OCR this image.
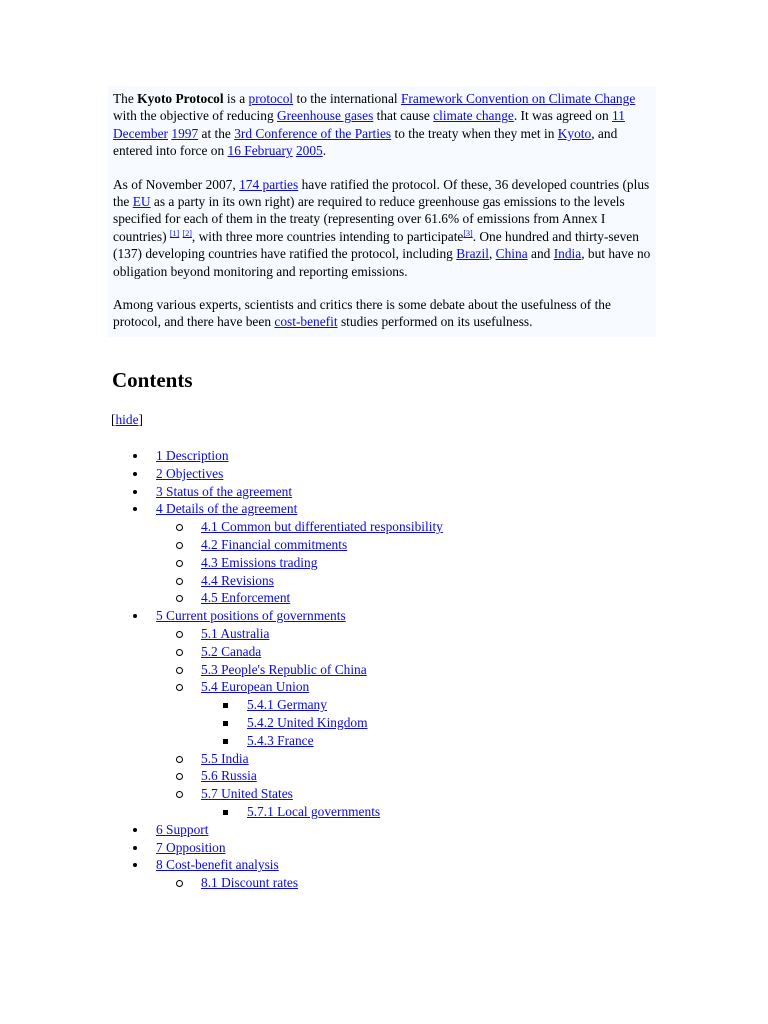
The Kyoto Protocol is a protocol to the international Framework Convention on Climate Change with the objective of reducing Greenhouse gases that cause climate change. It was agreed on 11 December 1997 at the 3rd Conference of the Parties to the treaty when they met in Kyoto, and entered into force on 16 February 2005.

As of November 2007, 174 parties have ratified the protocol. Of these, 36 developed countries (plus the EU as a party in its own right) are required to reduce greenhouse gas emissions to the levels specified for each of them in the treaty (representing over 61.6% of emissions from Annex I countries) [1] [2], with three more countries intending to participate[3]. One hundred and thirty-seven (137) developing countries have ratified the protocol, including Brazil, China and India, but have no obligation beyond monitoring and reporting emissions.

Among various experts, scientists and critics there is some debate about the usefulness of the protocol, and there have been cost-benefit studies performed on its usefulness.

Contents
[hide]
1 Description
2 Objectives
3 Status of the agreement
4 Details of the agreement
4.1 Common but differentiated responsibility
4.2 Financial commitments
4.3 Emissions trading
4.4 Revisions
4.5 Enforcement
5 Current positions of governments
5.1 Australia
5.2 Canada
5.3 People's Republic of China
5.4 European Union
5.4.1 Germany
5.4.2 United Kingdom
5.4.3 France
5.5 India
5.6 Russia
5.7 United States
5.7.1 Local governments
6 Support
7 Opposition
8 Cost-benefit analysis
8.1 Discount rates
